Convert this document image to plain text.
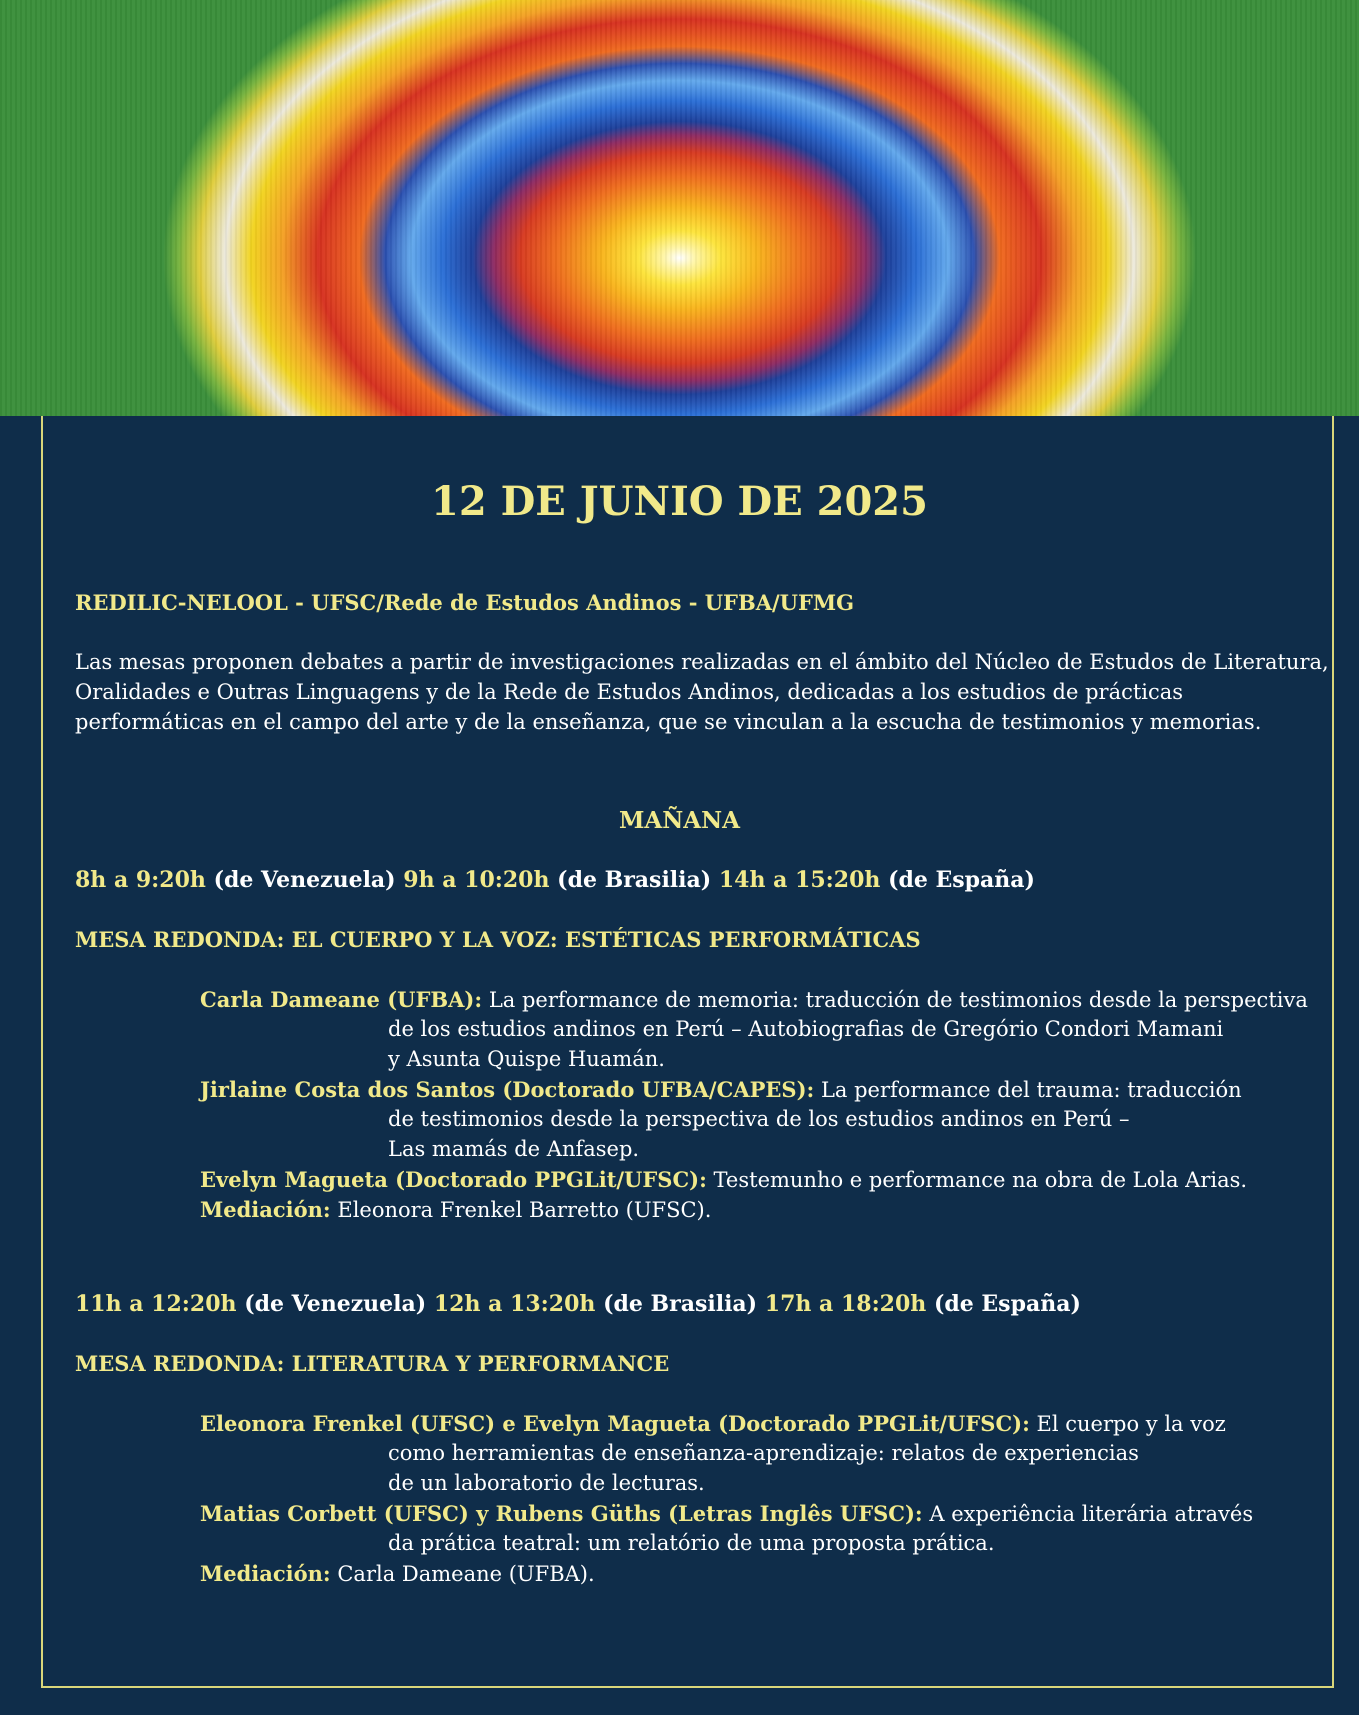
12 DE JUNIO DE 2025
REDILIC-NELOOL - UFSC/Rede de Estudos Andinos - UFBA/UFMG
Las mesas proponen debates a partir de investigaciones realizadas en el ámbito del Núcleo de Estudos de Literatura,
Oralidades e Outras Linguagens y de la Rede de Estudos Andinos, dedicadas a los estudios de prácticas
performáticas en el campo del arte y de la enseñanza, que se vinculan a la escucha de testimonios y memorias.
MAÑANA
8h a 9:20h (de Venezuela) 9h a 10:20h (de Brasilia) 14h a 15:20h (de España)
MESA REDONDA: EL CUERPO Y LA VOZ: ESTÉTICAS PERFORMÁTICAS
Carla Dameane (UFBA): La performance de memoria: traducción de testimonios desde la perspectiva
de los estudios andinos en Perú – Autobiografias de Gregório Condori Mamani
y Asunta Quispe Huamán.
Jirlaine Costa dos Santos (Doctorado UFBA/CAPES): La performance del trauma: traducción
de testimonios desde la perspectiva de los estudios andinos en Perú –
Las mamás de Anfasep.
Evelyn Magueta (Doctorado PPGLit/UFSC): Testemunho e performance na obra de Lola Arias.
Mediación: Eleonora Frenkel Barretto (UFSC).
11h a 12:20h (de Venezuela) 12h a 13:20h (de Brasilia) 17h a 18:20h (de España)
MESA REDONDA: LITERATURA Y PERFORMANCE
Eleonora Frenkel (UFSC) e Evelyn Magueta (Doctorado PPGLit/UFSC): El cuerpo y la voz
como herramientas de enseñanza-aprendizaje: relatos de experiencias
de un laboratorio de lecturas.
Matias Corbett (UFSC) y Rubens Güths (Letras Inglês UFSC): A experiência literária através
da prática teatral: um relatório de uma proposta prática.
Mediación: Carla Dameane (UFBA).
